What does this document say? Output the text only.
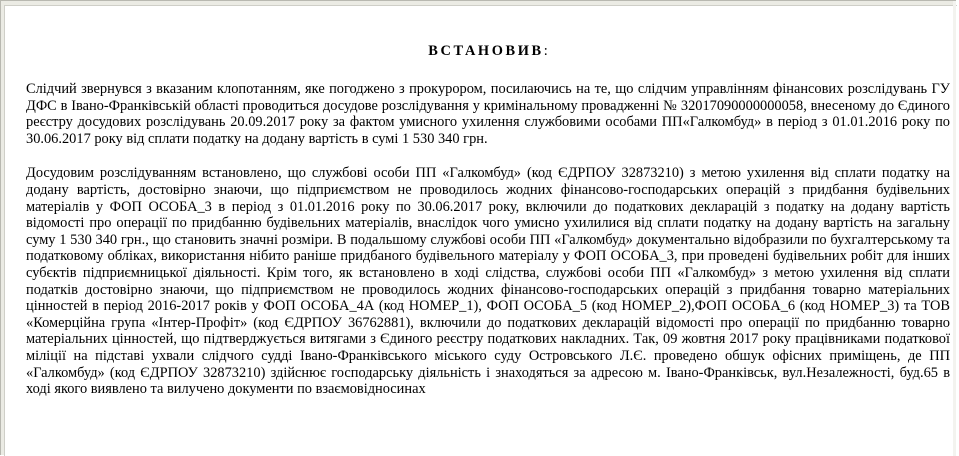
ВСТАНОВИВ:

Слідчий звернувся з вказаним клопотанням, яке погоджено з прокурором, посилаючись на те, що слідчим управлінням фінансових розслідувань ГУ ДФС в Івано-Франківській області проводиться досудове розслідування у кримінальному провадженні № 32017090000000058, внесеному до Єдиного реєстру досудових розслідувань 20.09.2017 року за фактом умисного ухилення службовими особами ПП«Галкомбуд» в період з 01.01.2016 року по 30.06.2017 року від сплати податку на додану вартість в сумі 1 530 340 грн.

Досудовим розслідуванням встановлено, що службові особи ПП «Галкомбуд» (код ЄДРПОУ 32873210) з метою ухилення від сплати податку на додану вартість, достовірно знаючи, що підприємством не проводилось жодних фінансово-господарських операцій з придбання будівельних матеріалів у ФОП ОСОБА_3 в період з 01.01.2016 року по 30.06.2017 року, включили до податкових декларацій з податку на додану вартість відомості про операції по придбанню будівельних матеріалів, внаслідок чого умисно ухилилися від сплати податку на додану вартість на загальну суму 1 530 340 грн., що становить значні розміри. В подальшому службові особи ПП «Галкомбуд» документально відобразили по бухгалтерському та податковому обліках, використання нібито раніше придбаного будівельного матеріалу у ФОП ОСОБА_3, при проведені будівельних робіт для інших субєктів підприємницької діяльності. Крім того, як встановлено в ході слідства, службові особи ПП «Галкомбуд» з метою ухилення від сплати податків достовірно знаючи, що підприємством не проводилось жодних фінансово-господарських операцій з придбання товарно матеріальних цінностей в період 2016-2017 років у ФОП ОСОБА_4А (код НОМЕР_1), ФОП ОСОБА_5 (код НОМЕР_2),ФОП ОСОБА_6 (код НОМЕР_3) та ТОВ «Комерційна група «Інтер-Профіт» (код ЄДРПОУ 36762881), включили до податкових декларацій відомості про операції по придбанню товарно матеріальних цінностей, що підтверджується витягами з Єдиного реєстру податкових накладних. Так, 09 жовтня 2017 року працівниками податкової міліції на підставі ухвали слідчого судді Івано-Франківського міського суду Островського Л.Є. проведено обшук офісних приміщень, де ПП «Галкомбуд» (код ЄДРПОУ 32873210) здійснює господарську діяльність і знаходяться за адресою м. Івано-Франківськ, вул.Незалежності, буд.65 в ході якого виявлено та вилучено документи по взаємовідносинах
